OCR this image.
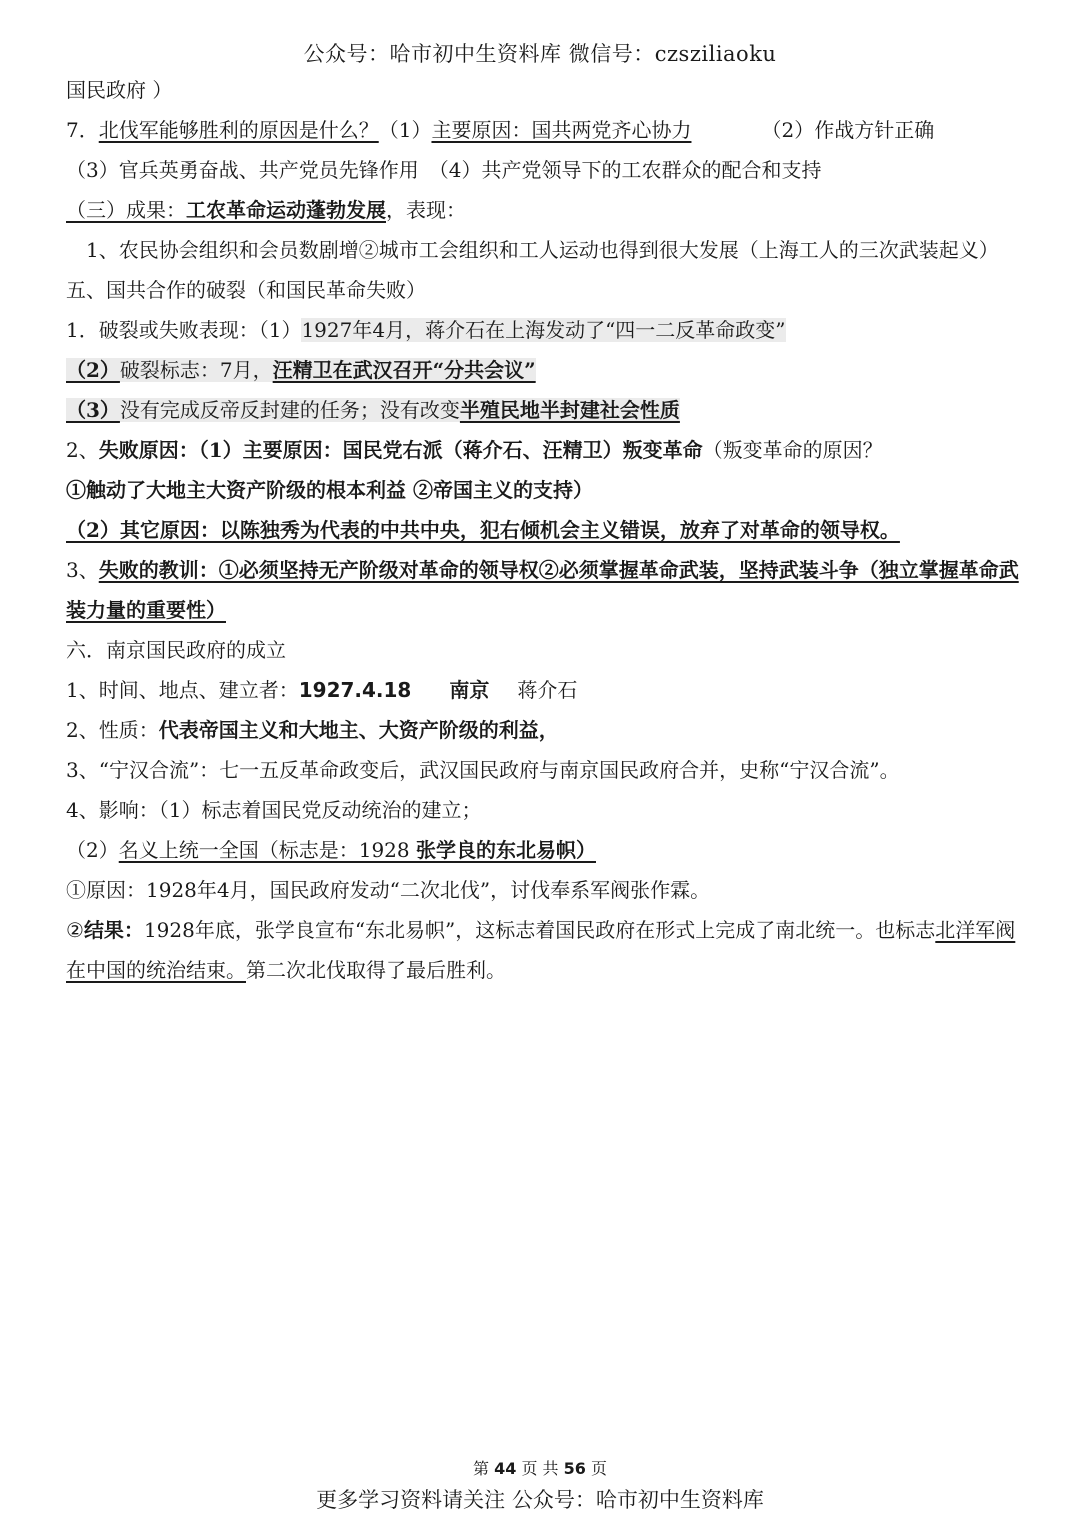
公众号：哈市初中生资料库 微信号：czsziliaoku
国民政府 ）
7．北伐军能够胜利的原因是什么？（1）主要原因：国共两党齐心协力	（2）作战方针正确
（3）官兵英勇奋战、共产党员先锋作用　（4）共产党领导下的工农群众的配合和支持
（三）成果：工农革命运动蓬勃发展，表现：
　1、农民协会组织和会员数剧增②城市工会组织和工人运动也得到很大发展（上海工人的三次武装起义）
五、国共合作的破裂（和国民革命失败）
1．破裂或失败表现：（1）1927年4月，蒋介石在上海发动了“四一二反革命政变”
（2）破裂标志：7月，汪精卫在武汉召开“分共会议”
（3）没有完成反帝反封建的任务；没有改变半殖民地半封建社会性质
2、失败原因：（1）主要原因：国民党右派（蒋介石、汪精卫）叛变革命（叛变革命的原因？
①触动了大地主大资产阶级的根本利益 ②帝国主义的支持）
（2）其它原因：以陈独秀为代表的中共中央，犯右倾机会主义错误，放弃了对革命的领导权。
3、失败的教训：①必须坚持无产阶级对革命的领导权②必须掌握革命武装，坚持武装斗争（独立掌握革命武装力量的重要性）
六．南京国民政府的成立
1、时间、地点、建立者：1927.4.18 南京 蒋介石
2、性质：代表帝国主义和大地主、大资产阶级的利益，
3、“宁汉合流”：七一五反革命政变后，武汉国民政府与南京国民政府合并，史称“宁汉合流”。
4、影响：（1）标志着国民党反动统治的建立；
（2）名义上统一全国（标志是：1928 张学良的东北易帜）
①原因：1928年4月，国民政府发动“二次北伐”，讨伐奉系军阀张作霖。
②结果：1928年底，张学良宣布“东北易帜”，这标志着国民政府在形式上完成了南北统一。也标志北洋军阀在中国的统治结束。第二次北伐取得了最后胜利。
第 44 页 共 56 页
更多学习资料请关注 公众号：哈市初中生资料库
